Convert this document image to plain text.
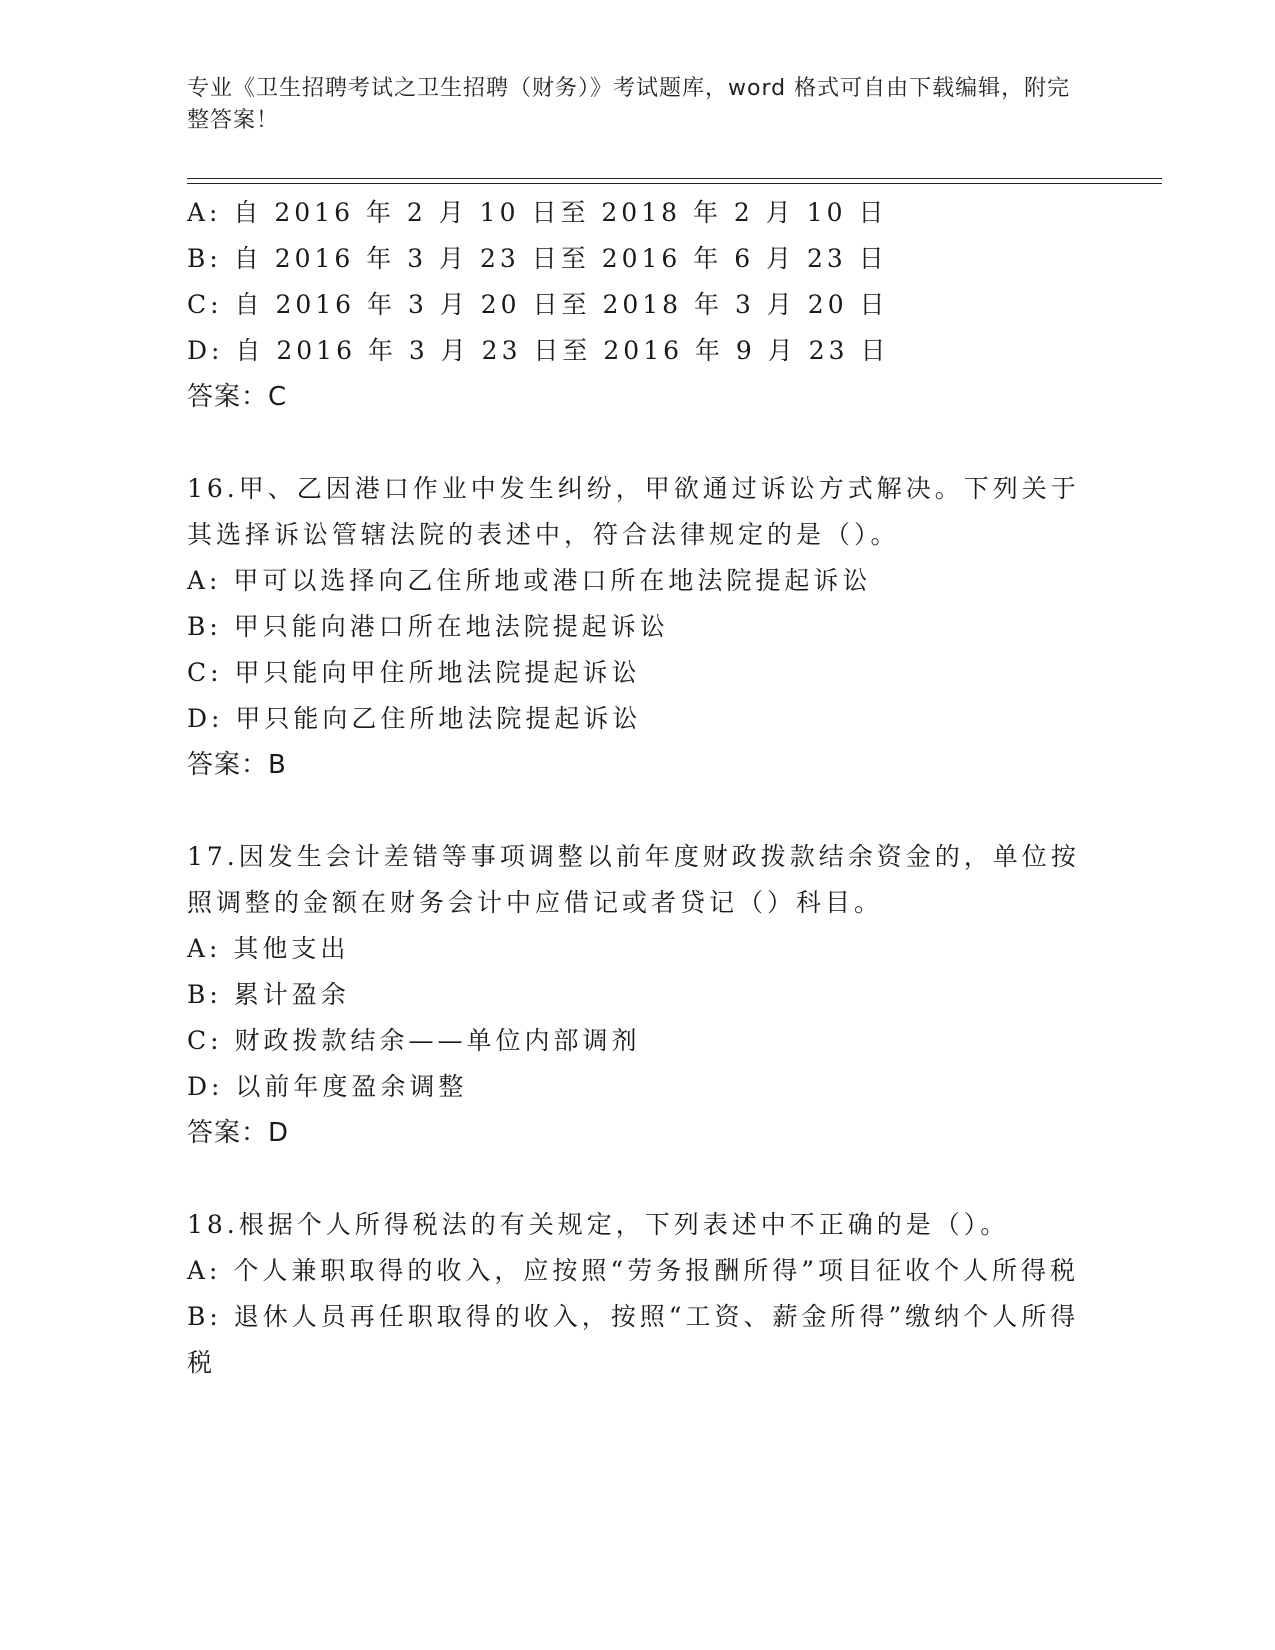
专业《卫生招聘考试之卫生招聘（财务）》考试题库，word 格式可自由下载编辑，附完整答案！
A: 自 2016 年 2 月 10 日至 2018 年 2 月 10 日
B: 自 2016 年 3 月 23 日至 2016 年 6 月 23 日
C: 自 2016 年 3 月 20 日至 2018 年 3 月 20 日
D: 自 2016 年 3 月 23 日至 2016 年 9 月 23 日
答案：C
16.甲、乙因港口作业中发生纠纷，甲欲通过诉讼方式解决。下列关于其选择诉讼管辖法院的表述中，符合法律规定的是（）。
A: 甲可以选择向乙住所地或港口所在地法院提起诉讼
B: 甲只能向港口所在地法院提起诉讼
C: 甲只能向甲住所地法院提起诉讼
D: 甲只能向乙住所地法院提起诉讼
答案：B
17.因发生会计差错等事项调整以前年度财政拨款结余资金的，单位按照调整的金额在财务会计中应借记或者贷记（）科目。
A: 其他支出
B: 累计盈余
C: 财政拨款结余——单位内部调剂
D: 以前年度盈余调整
答案：D
18.根据个人所得税法的有关规定，下列表述中不正确的是（）。
A: 个人兼职取得的收入，应按照“劳务报酬所得”项目征收个人所得税
B: 退休人员再任职取得的收入，按照“工资、薪金所得”缴纳个人所得税
